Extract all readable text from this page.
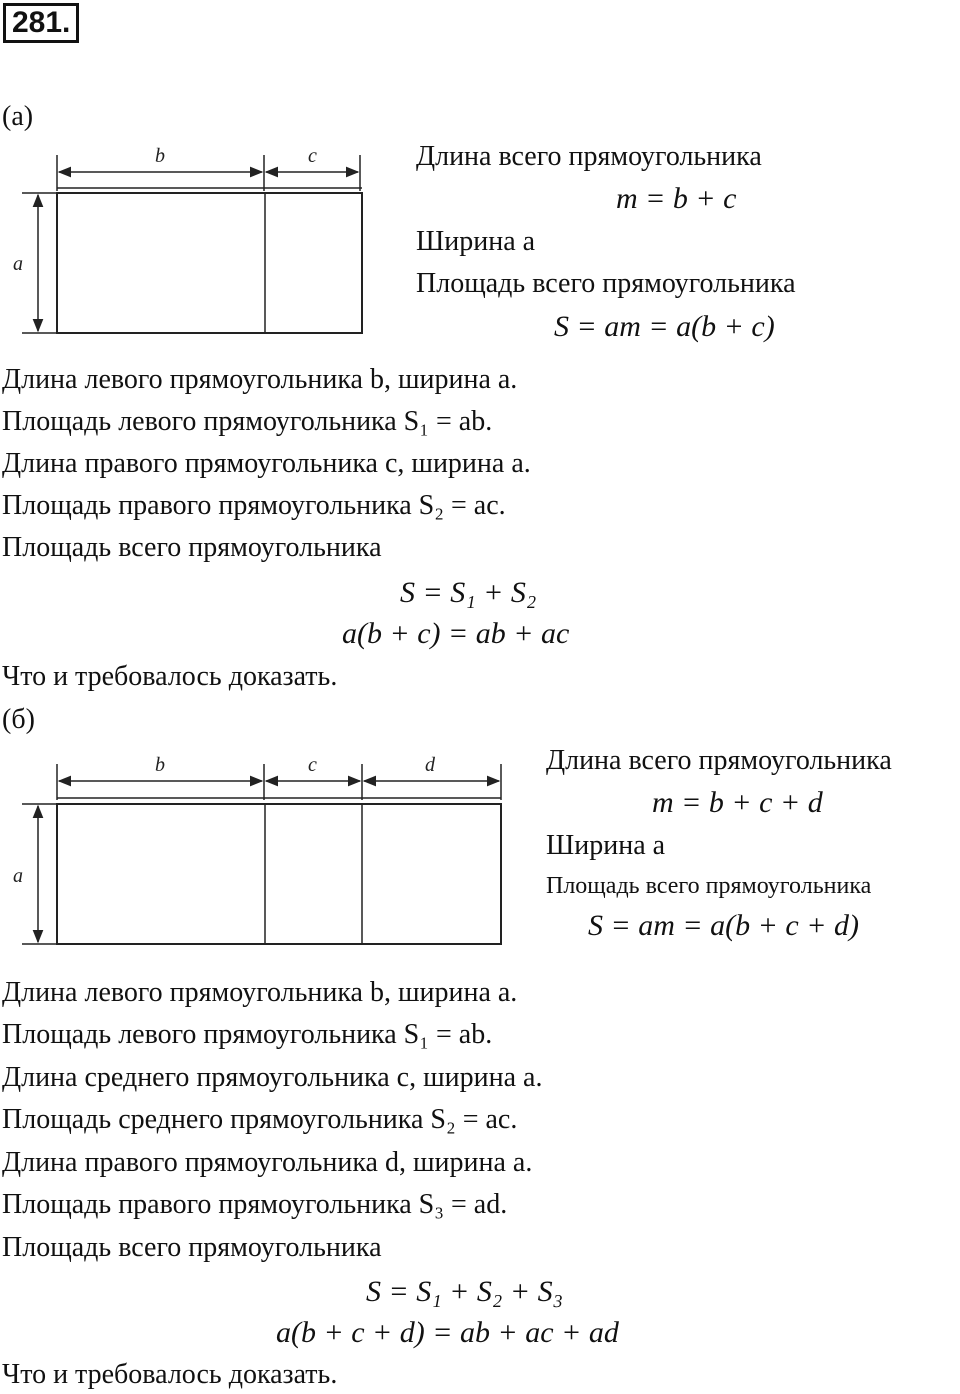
281.
(а)
b	c
a
Длина всего прямоугольника
m = b + c
Ширина a
Площадь всего прямоугольника
S = am = a(b + c)
Длина левого прямоугольника b, ширина a.
Площадь левого прямоугольника S₁ = ab.
Длина правого прямоугольника c, ширина a.
Площадь правого прямоугольника S₂ = ac.
Площадь всего прямоугольника
S = S₁ + S₂
a(b + c) = ab + ac
Что и требовалось доказать.
(б)
b	c	d
a
Длина всего прямоугольника
m = b + c + d
Ширина a
Площадь всего прямоугольника
S = am = a(b + c + d)
Длина левого прямоугольника b, ширина a.
Площадь левого прямоугольника S₁ = ab.
Длина среднего прямоугольника c, ширина a.
Площадь среднего прямоугольника S₂ = ac.
Длина правого прямоугольника d, ширина a.
Площадь правого прямоугольника S₃ = ad.
Площадь всего прямоугольника
S = S₁ + S₂ + S₃
a(b + c + d) = ab + ac + ad
Что и требовалось доказать.
